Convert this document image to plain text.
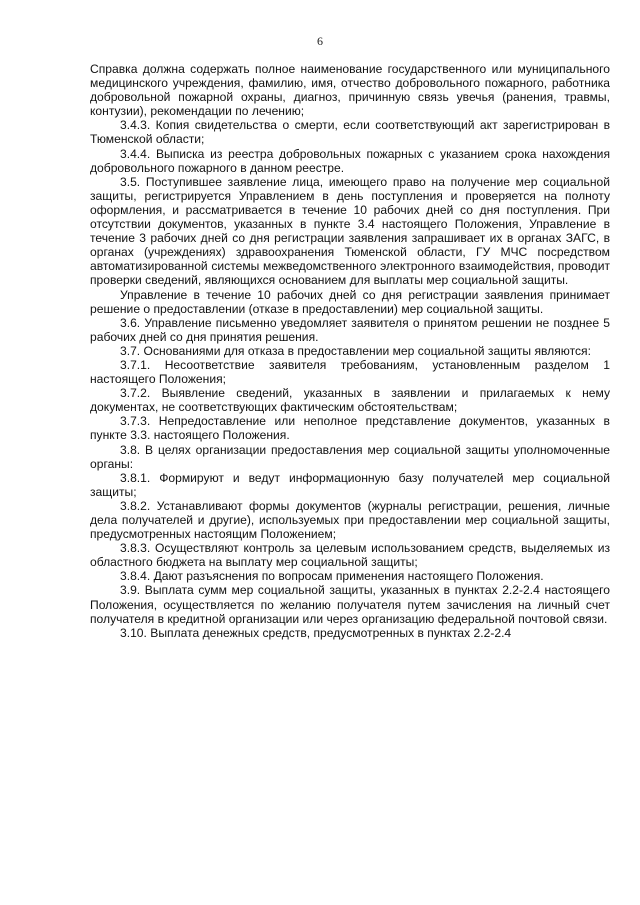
6

Справка должна содержать полное наименование государственного или муниципального медицинского учреждения, фамилию, имя, отчество добровольного пожарного, работника добровольной пожарной охраны, диагноз, причинную связь увечья (ранения, травмы, контузии), рекомендации по лечению;

3.4.3. Копия свидетельства о смерти, если соответствующий акт зарегистрирован в Тюменской области;

3.4.4. Выписка из реестра добровольных пожарных с указанием срока нахождения добровольного пожарного в данном реестре.

3.5. Поступившее заявление лица, имеющего право на получение мер социальной защиты, регистрируется Управлением в день поступления и проверяется на полноту оформления, и рассматривается в течение 10 рабочих дней со дня поступления. При отсутствии документов, указанных в пункте 3.4 настоящего Положения, Управление в течение 3 рабочих дней со дня регистрации заявления запрашивает их в органах ЗАГС, в органах (учреждениях) здравоохранения Тюменской области, ГУ МЧС посредством автоматизированной системы межведомственного электронного взаимодействия, проводит проверки сведений, являющихся основанием для выплаты мер социальной защиты.

Управление в течение 10 рабочих дней со дня регистрации заявления принимает решение о предоставлении (отказе в предоставлении) мер социальной защиты.

3.6. Управление письменно уведомляет заявителя о принятом решении не позднее 5 рабочих дней со дня принятия решения.

3.7. Основаниями для отказа в предоставлении мер социальной защиты являются:

3.7.1. Несоответствие заявителя требованиям, установленным разделом 1 настоящего Положения;

3.7.2. Выявление сведений, указанных в заявлении и прилагаемых к нему документах, не соответствующих фактическим обстоятельствам;

3.7.3. Непредоставление или неполное представление документов, указанных в пункте 3.3. настоящего Положения.

3.8. В целях организации предоставления мер социальной защиты уполномоченные органы:

3.8.1. Формируют и ведут информационную базу получателей мер социальной защиты;

3.8.2. Устанавливают формы документов (журналы регистрации, решения, личные дела получателей и другие), используемых при предоставлении мер социальной защиты, предусмотренных настоящим Положением;

3.8.3. Осуществляют контроль за целевым использованием средств, выделяемых из областного бюджета на выплату мер социальной защиты;

3.8.4. Дают разъяснения по вопросам применения настоящего Положения.

3.9. Выплата сумм мер социальной защиты, указанных в пунктах 2.2-2.4 настоящего Положения, осуществляется по желанию получателя путем зачисления на личный счет получателя в кредитной организации или через организацию федеральной почтовой связи.

3.10. Выплата денежных средств, предусмотренных в пунктах 2.2-2.4
